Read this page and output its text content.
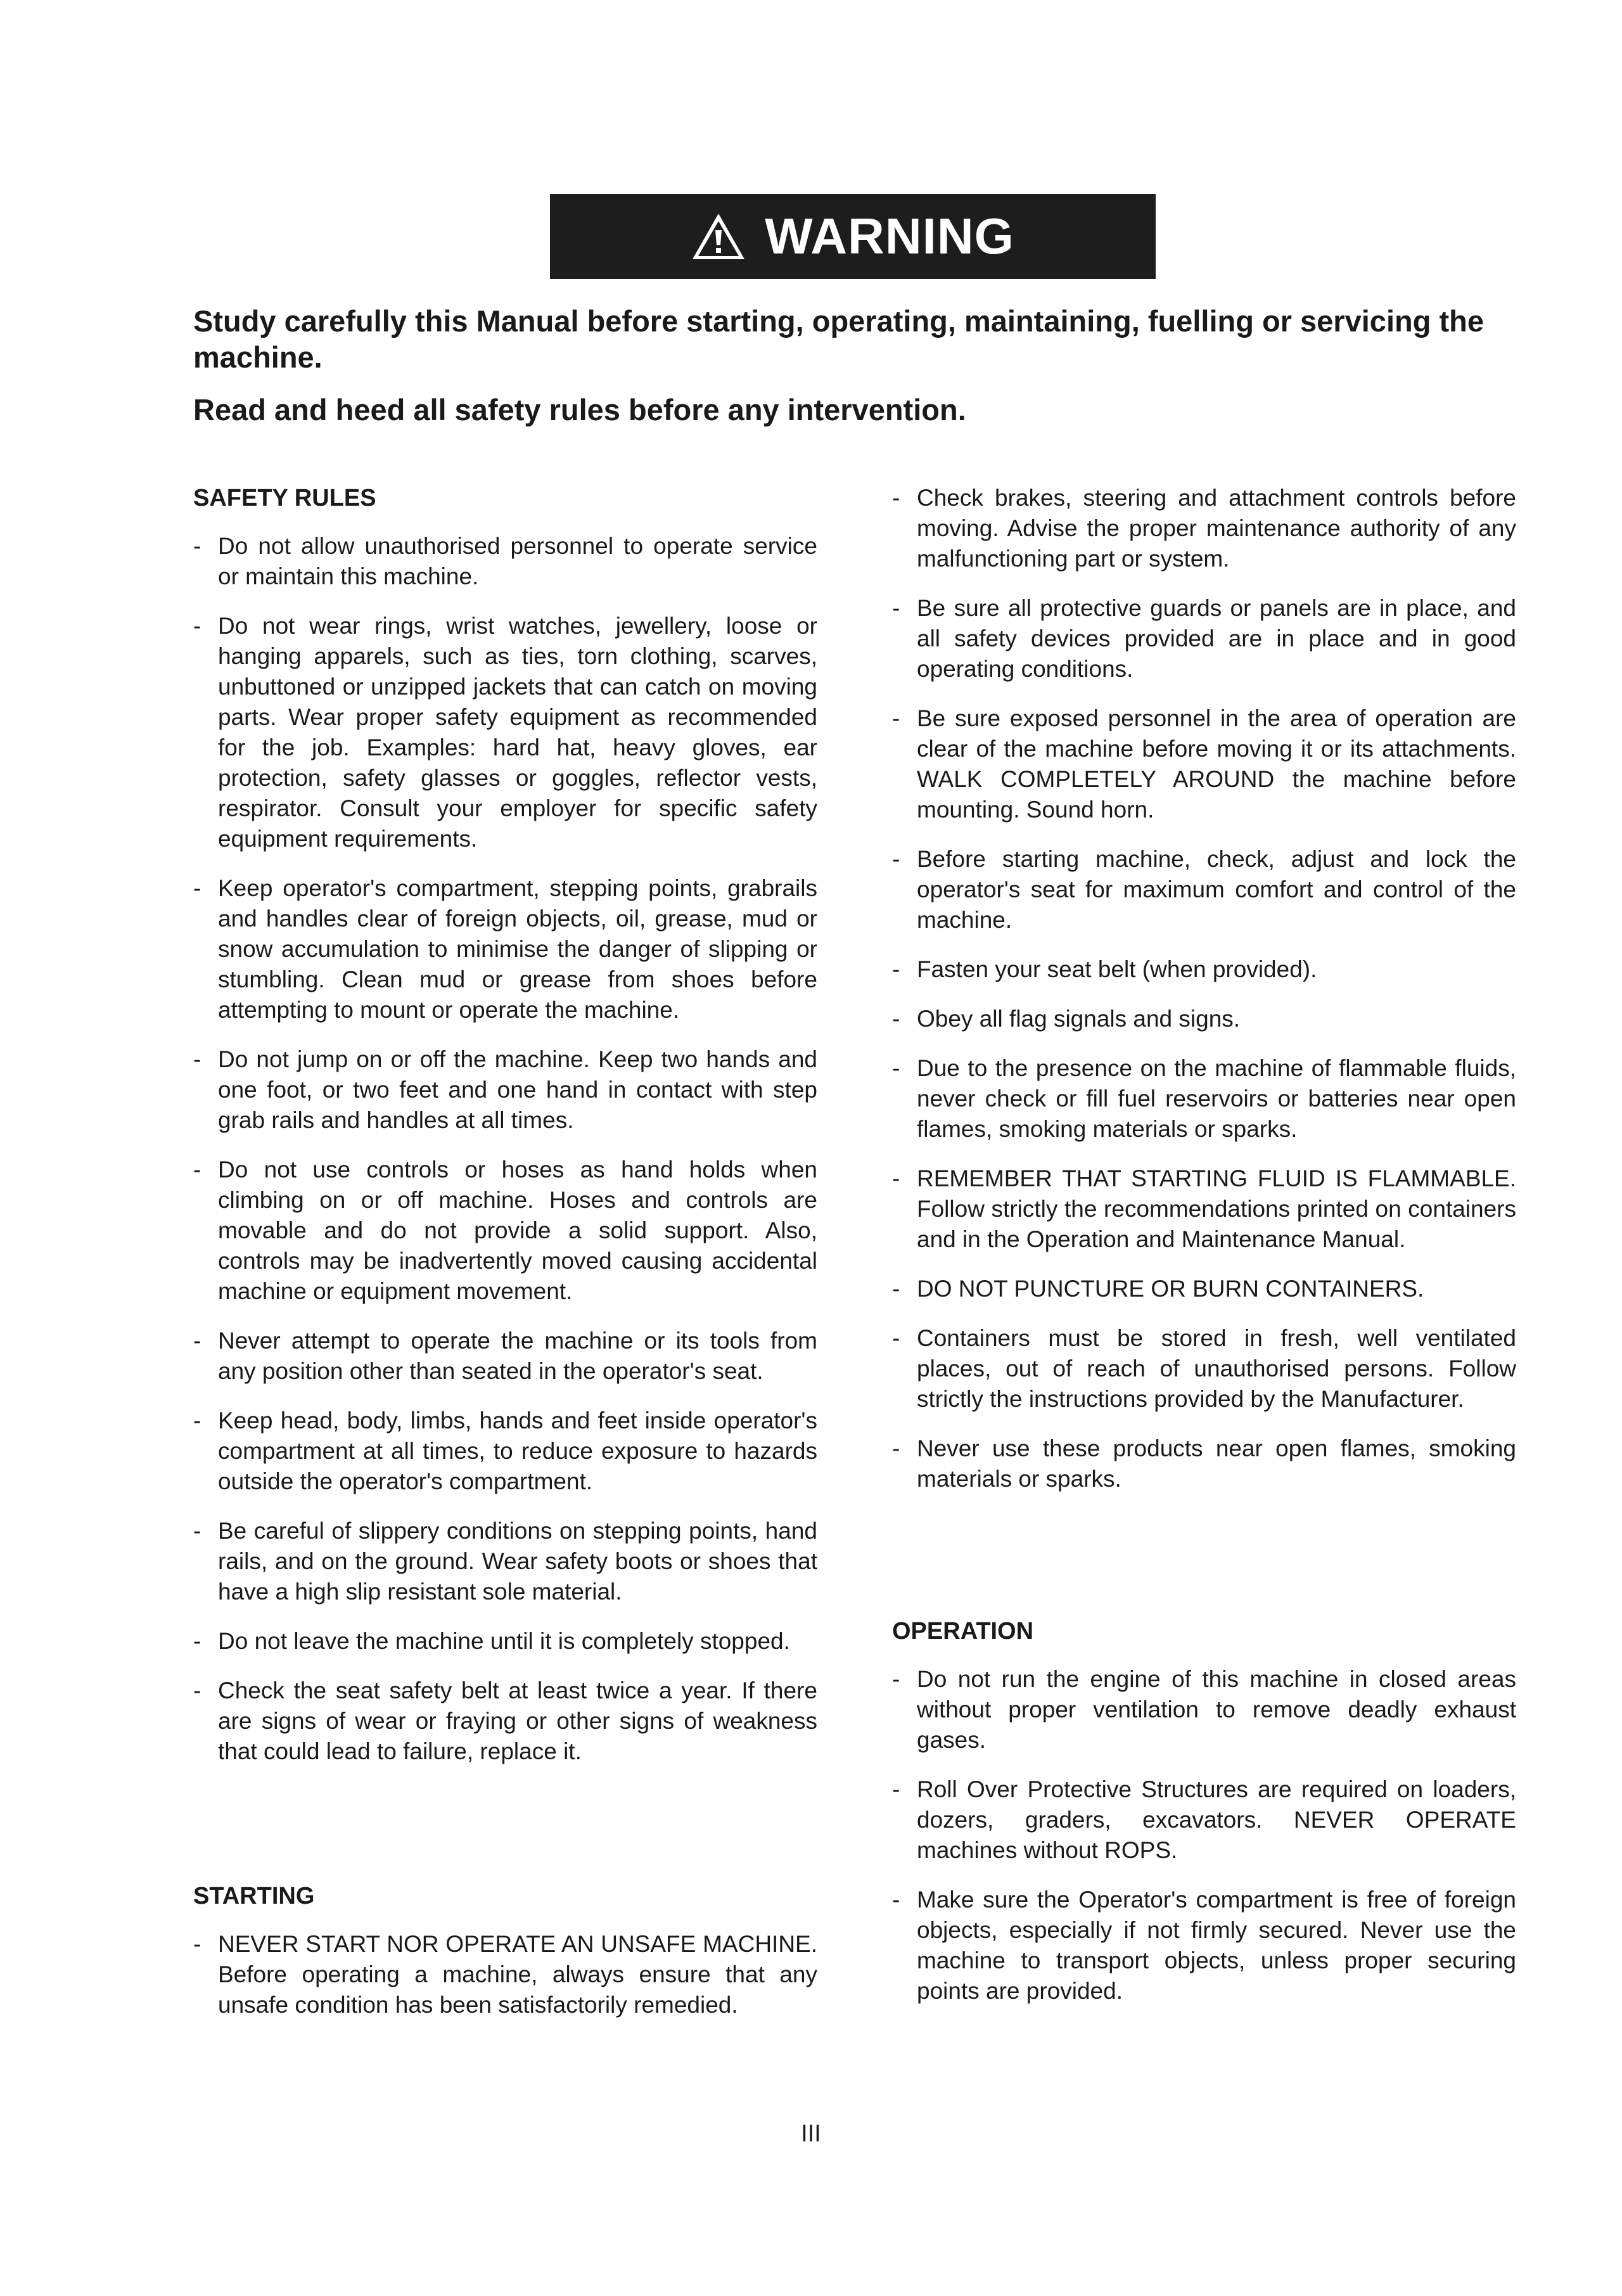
WARNING
Study carefully this Manual before starting, operating, maintaining, fuelling or servicing the machine.
Read and heed all safety rules before any intervention.
SAFETY RULES
- Do not allow unauthorised personnel to operate service or maintain this machine.
- Do not wear rings, wrist watches, jewellery, loose or hanging apparels, such as ties, torn clothing, scarves, unbuttoned or unzipped jackets that can catch on moving parts. Wear proper safety equipment as recommended for the job. Examples: hard hat, heavy gloves, ear protection, safety glasses or goggles, reflector vests, respirator. Consult your employer for specific safety equipment requirements.
- Keep operator's compartment, stepping points, grabrails and handles clear of foreign objects, oil, grease, mud or snow accumulation to minimise the danger of slipping or stumbling. Clean mud or grease from shoes before attempting to mount or operate the machine.
- Do not jump on or off the machine. Keep two hands and one foot, or two feet and one hand in contact with step grab rails and handles at all times.
- Do not use controls or hoses as hand holds when climbing on or off machine. Hoses and controls are movable and do not provide a solid support. Also, controls may be inadvertently moved causing accidental machine or equipment movement.
- Never attempt to operate the machine or its tools from any position other than seated in the operator's seat.
- Keep head, body, limbs, hands and feet inside operator's compartment at all times, to reduce exposure to hazards outside the operator's compartment.
- Be careful of slippery conditions on stepping points, hand rails, and on the ground. Wear safety boots or shoes that have a high slip resistant sole material.
- Do not leave the machine until it is completely stopped.
- Check the seat safety belt at least twice a year. If there are signs of wear or fraying or other signs of weakness that could lead to failure, replace it.
STARTING
- NEVER START NOR OPERATE AN UNSAFE MACHINE. Before operating a machine, always ensure that any unsafe condition has been satisfactorily remedied.
- Check brakes, steering and attachment controls before moving. Advise the proper maintenance authority of any malfunctioning part or system.
- Be sure all protective guards or panels are in place, and all safety devices provided are in place and in good operating conditions.
- Be sure exposed personnel in the area of operation are clear of the machine before moving it or its attachments. WALK COMPLETELY AROUND the machine before mounting. Sound horn.
- Before starting machine, check, adjust and lock the operator's seat for maximum comfort and control of the machine.
- Fasten your seat belt (when provided).
- Obey all flag signals and signs.
- Due to the presence on the machine of flammable fluids, never check or fill fuel reservoirs or batteries near open flames, smoking materials or sparks.
- REMEMBER THAT STARTING FLUID IS FLAMMABLE. Follow strictly the recommendations printed on containers and in the Operation and Maintenance Manual.
- DO NOT PUNCTURE OR BURN CONTAINERS.
- Containers must be stored in fresh, well ventilated places, out of reach of unauthorised persons. Follow strictly the instructions provided by the Manufacturer.
- Never use these products near open flames, smoking materials or sparks.
OPERATION
- Do not run the engine of this machine in closed areas without proper ventilation to remove deadly exhaust gases.
- Roll Over Protective Structures are required on loaders, dozers, graders, excavators. NEVER OPERATE machines without ROPS.
- Make sure the Operator's compartment is free of foreign objects, especially if not firmly secured. Never use the machine to transport objects, unless proper securing points are provided.
III
